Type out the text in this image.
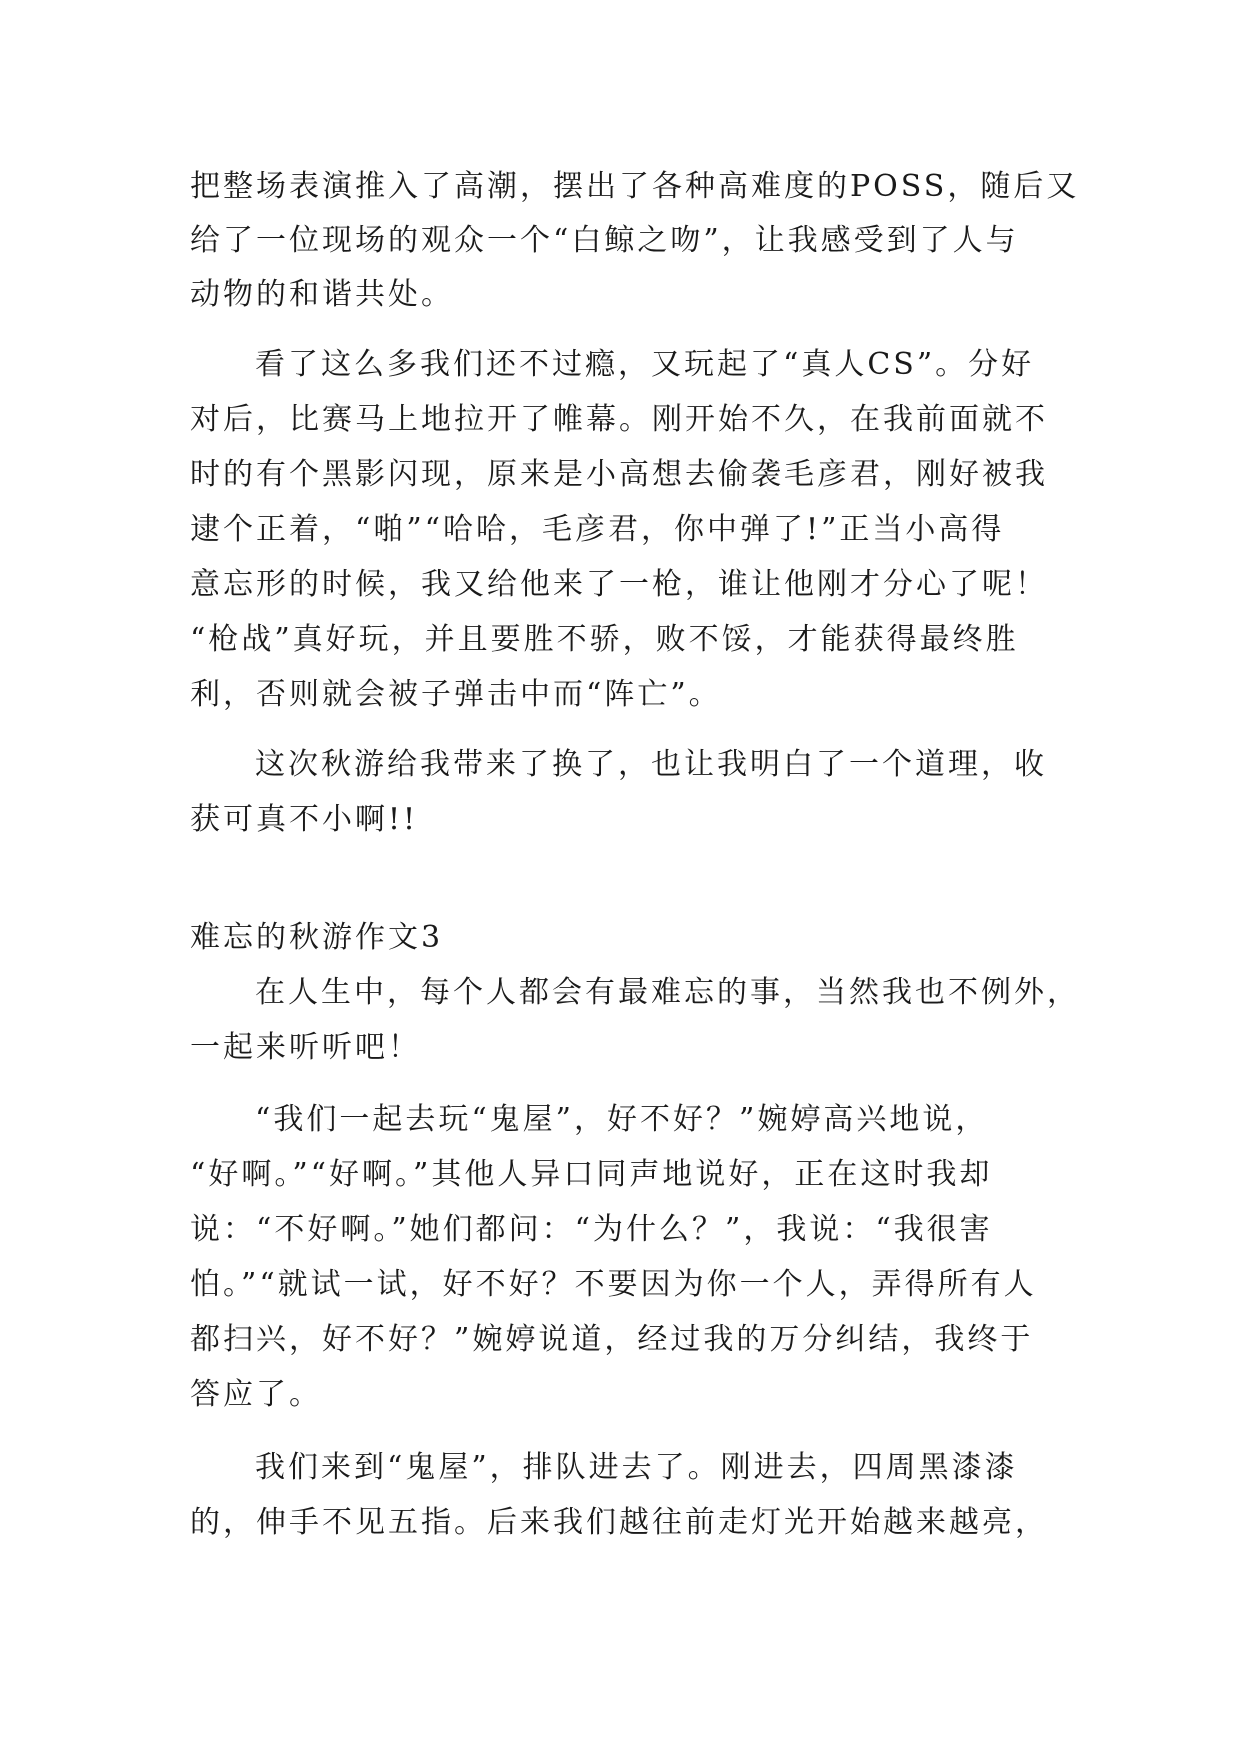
把整场表演推入了高潮，摆出了各种高难度的POSS，随后又
给了一位现场的观众一个“白鲸之吻”，让我感受到了人与
动物的和谐共处。
看了这么多我们还不过瘾，又玩起了“真人CS”。分好
对后，比赛马上地拉开了帷幕。刚开始不久，在我前面就不
时的有个黑影闪现，原来是小高想去偷袭毛彦君，刚好被我
逮个正着，“啪”“哈哈，毛彦君，你中弹了!”正当小高得
意忘形的时候，我又给他来了一枪，谁让他刚才分心了呢！
“枪战”真好玩，并且要胜不骄，败不馁，才能获得最终胜
利，否则就会被子弹击中而“阵亡”。
这次秋游给我带来了换了，也让我明白了一个道理，收
获可真不小啊!!
难忘的秋游作文3
在人生中，每个人都会有最难忘的事，当然我也不例外，
一起来听听吧！
“我们一起去玩“鬼屋”，好不好？”婉婷高兴地说，
“好啊。”“好啊。”其他人异口同声地说好，正在这时我却
说：“不好啊。”她们都问：“为什么？”，我说：“我很害
怕。”“就试一试，好不好？不要因为你一个人，弄得所有人
都扫兴，好不好？”婉婷说道，经过我的万分纠结，我终于
答应了。
我们来到“鬼屋”，排队进去了。刚进去，四周黑漆漆
的，伸手不见五指。后来我们越往前走灯光开始越来越亮，
